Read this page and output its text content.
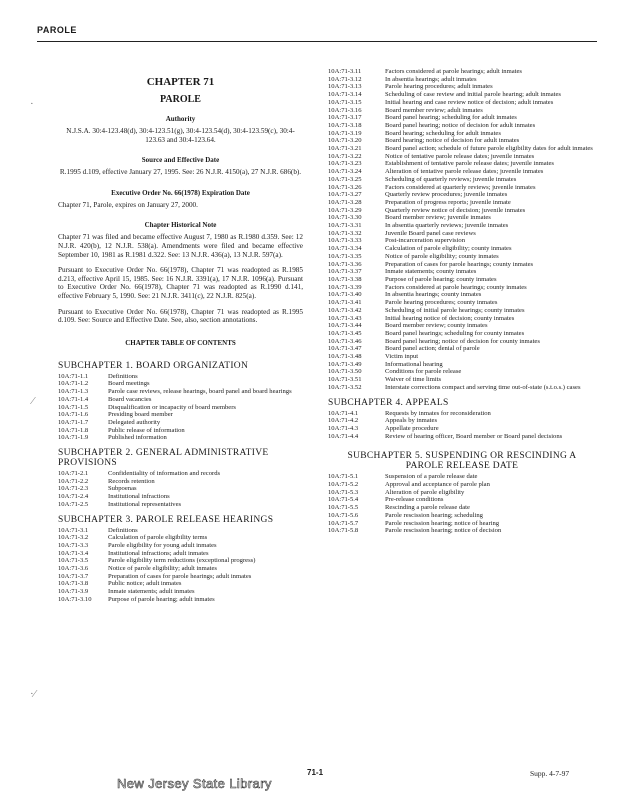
PAROLE
CHAPTER 71
PAROLE
Authority
N.J.S.A. 30:4-123.48(d), 30:4-123.51(g), 30:4-123.54(d), 30:4-123.59(c), 30:4-123.63 and 30:4-123.64.
Source and Effective Date
R.1995 d.109, effective January 27, 1995. See: 26 N.J.R. 4150(a), 27 N.J.R. 686(b).
Executive Order No. 66(1978) Expiration Date
Chapter 71, Parole, expires on January 27, 2000.
Chapter Historical Note
Chapter 71 was filed and became effective August 7, 1980 as R.1980 d.359. See: 12 N.J.R. 420(b), 12 N.J.R. 538(a). Amendments were filed and became effective September 10, 1981 as R.1981 d.322. See: 13 N.J.R. 436(a), 13 N.J.R. 597(a).
Pursuant to Executive Order No. 66(1978), Chapter 71 was readopted as R.1985 d.213, effective April 15, 1985. See: 16 N.J.R. 3391(a), 17 N.J.R. 1096(a). Pursuant to Executive Order No. 66(1978), Chapter 71 was readopted as R.1990 d.141, effective February 5, 1990. See: 21 N.J.R. 3411(c), 22 N.J.R. 825(a).
Pursuant to Executive Order No. 66(1978), Chapter 71 was readopted as R.1995 d.109. See: Source and Effective Date. See, also, section annotations.
CHAPTER TABLE OF CONTENTS
SUBCHAPTER 1. BOARD ORGANIZATION
10A:71-1.1	Definitions
10A:71-1.2	Board meetings
10A:71-1.3	Parole case reviews, release hearings, board panel and board hearings
10A:71-1.4	Board vacancies
10A:71-1.5	Disqualification or incapacity of board members
10A:71-1.6	Presiding board member
10A:71-1.7	Delegated authority
10A:71-1.8	Public release of information
10A:71-1.9	Published information
SUBCHAPTER 2. GENERAL ADMINISTRATIVE PROVISIONS
10A:71-2.1	Confidentiality of information and records
10A:71-2.2	Records retention
10A:71-2.3	Subpoenas
10A:71-2.4	Institutional infractions
10A:71-2.5	Institutional representatives
SUBCHAPTER 3. PAROLE RELEASE HEARINGS
10A:71-3.1	Definitions
10A:71-3.2	Calculation of parole eligibility terms
10A:71-3.3	Parole eligibility for young adult inmates
10A:71-3.4	Institutional infractions; adult inmates
10A:71-3.5	Parole eligibility term reductions (exceptional progress)
10A:71-3.6	Notice of parole eligibility; adult inmates
10A:71-3.7	Preparation of cases for parole hearings; adult inmates
10A:71-3.8	Public notice; adult inmates
10A:71-3.9	Inmate statements; adult inmates
10A:71-3.10	Purpose of parole hearing; adult inmates
10A:71-3.11	Factors considered at parole hearings; adult inmates
10A:71-3.12	In absentia hearings; adult inmates
10A:71-3.13	Parole hearing procedures; adult inmates
10A:71-3.14	Scheduling of case review and initial parole hearing; adult inmates
10A:71-3.15	Initial hearing and case review notice of decision; adult inmates
10A:71-3.16	Board member review; adult inmates
10A:71-3.17	Board panel hearing; scheduling for adult inmates
10A:71-3.18	Board panel hearing; notice of decision for adult inmates
10A:71-3.19	Board hearing; scheduling for adult inmates
10A:71-3.20	Board hearing; notice of decision for adult inmates
10A:71-3.21	Board panel action; schedule of future parole eligibility dates for adult inmates
10A:71-3.22	Notice of tentative parole release dates; juvenile inmates
10A:71-3.23	Establishment of tentative parole release dates; juvenile inmates
10A:71-3.24	Alteration of tentative parole release dates; juvenile inmates
10A:71-3.25	Scheduling of quarterly reviews; juvenile inmates
10A:71-3.26	Factors considered at quarterly reviews; juvenile inmates
10A:71-3.27	Quarterly review procedures; juvenile inmates
10A:71-3.28	Preparation of progress reports; juvenile inmate
10A:71-3.29	Quarterly review notice of decision; juvenile inmates
10A:71-3.30	Board member review; juvenile inmates
10A:71-3.31	In absentia quarterly reviews; juvenile inmates
10A:71-3.32	Juvenile Board panel case reviews
10A:71-3.33	Post-incarceration supervision
10A:71-3.34	Calculation of parole eligibility; county inmates
10A:71-3.35	Notice of parole eligibility; county inmates
10A:71-3.36	Preparation of cases for parole hearings; county inmates
10A:71-3.37	Inmate statements; county inmates
10A:71-3.38	Purpose of parole hearing; county inmates
10A:71-3.39	Factors considered at parole hearings; county inmates
10A:71-3.40	In absentia hearings; county inmates
10A:71-3.41	Parole hearing procedures; county inmates
10A:71-3.42	Scheduling of initial parole hearings; county inmates
10A:71-3.43	Initial hearing notice of decision; county inmates
10A:71-3.44	Board member review; county inmates
10A:71-3.45	Board panel hearings; scheduling for county inmates
10A:71-3.46	Board panel hearing; notice of decision for county inmates
10A:71-3.47	Board panel action; denial of parole
10A:71-3.48	Victim input
10A:71-3.49	Informational hearing
10A:71-3.50	Conditions for parole release
10A:71-3.51	Waiver of time limits
10A:71-3.52	Interstate corrections compact and serving time out-of-state (s.t.o.s.) cases
SUBCHAPTER 4. APPEALS
10A:71-4.1	Requests by inmates for reconsideration
10A:71-4.2	Appeals by inmates
10A:71-4.3	Appellate procedure
10A:71-4.4	Review of hearing officer, Board member or Board panel decisions
SUBCHAPTER 5. SUSPENDING OR RESCINDING A PAROLE RELEASE DATE
10A:71-5.1	Suspension of a parole release date
10A:71-5.2	Approval and acceptance of parole plan
10A:71-5.3	Alteration of parole eligibility
10A:71-5.4	Pre-release conditions
10A:71-5.5	Rescinding a parole release date
10A:71-5.6	Parole rescission hearing; scheduling
10A:71-5.7	Parole rescission hearing; notice of hearing
10A:71-5.8	Parole rescission hearing; notice of decision
·
⁄
·⁄
71-1	Supp. 4-7-97
New Jersey State Library
